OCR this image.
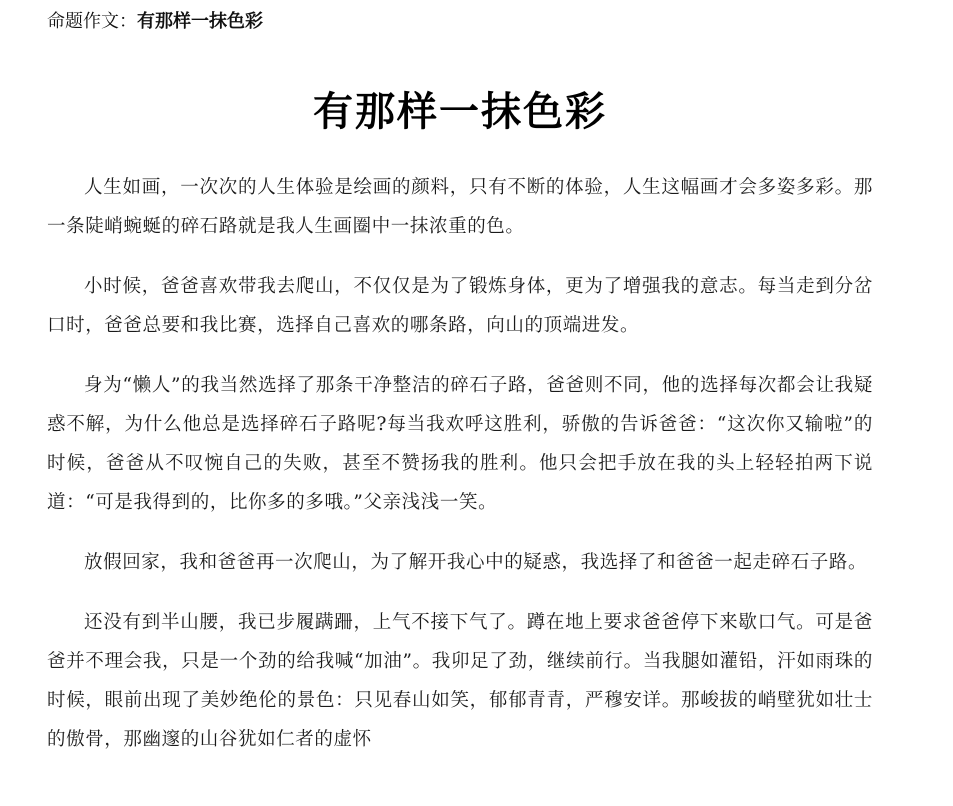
命题作文：有那样一抹色彩
有那样一抹色彩

人生如画，一次次的人生体验是绘画的颜料，只有不断的体验，人生这幅画才会多姿多彩。那一条陡峭蜿蜒的碎石路就是我人生画圈中一抹浓重的色。

小时候，爸爸喜欢带我去爬山，不仅仅是为了锻炼身体，更为了增强我的意志。每当走到分岔口时，爸爸总要和我比赛，选择自己喜欢的哪条路，向山的顶端进发。

身为“懒人”的我当然选择了那条干净整洁的碎石子路，爸爸则不同，他的选择每次都会让我疑惑不解，为什么他总是选择碎石子路呢?每当我欢呼这胜利，骄傲的告诉爸爸：“这次你又输啦”的时候，爸爸从不叹惋自己的失败，甚至不赞扬我的胜利。他只会把手放在我的头上轻轻拍两下说道：“可是我得到的，比你多的多哦。”父亲浅浅一笑。

放假回家，我和爸爸再一次爬山，为了解开我心中的疑惑，我选择了和爸爸一起走碎石子路。

还没有到半山腰，我已步履蹒跚，上气不接下气了。蹲在地上要求爸爸停下来歇口气。可是爸爸并不理会我，只是一个劲的给我喊“加油”。我卯足了劲，继续前行。当我腿如灌铅，汗如雨珠的时候，眼前出现了美妙绝伦的景色：只见春山如笑，郁郁青青，严穆安详。那峻拔的峭壁犹如壮士的傲骨，那幽邃的山谷犹如仁者的虚怀
